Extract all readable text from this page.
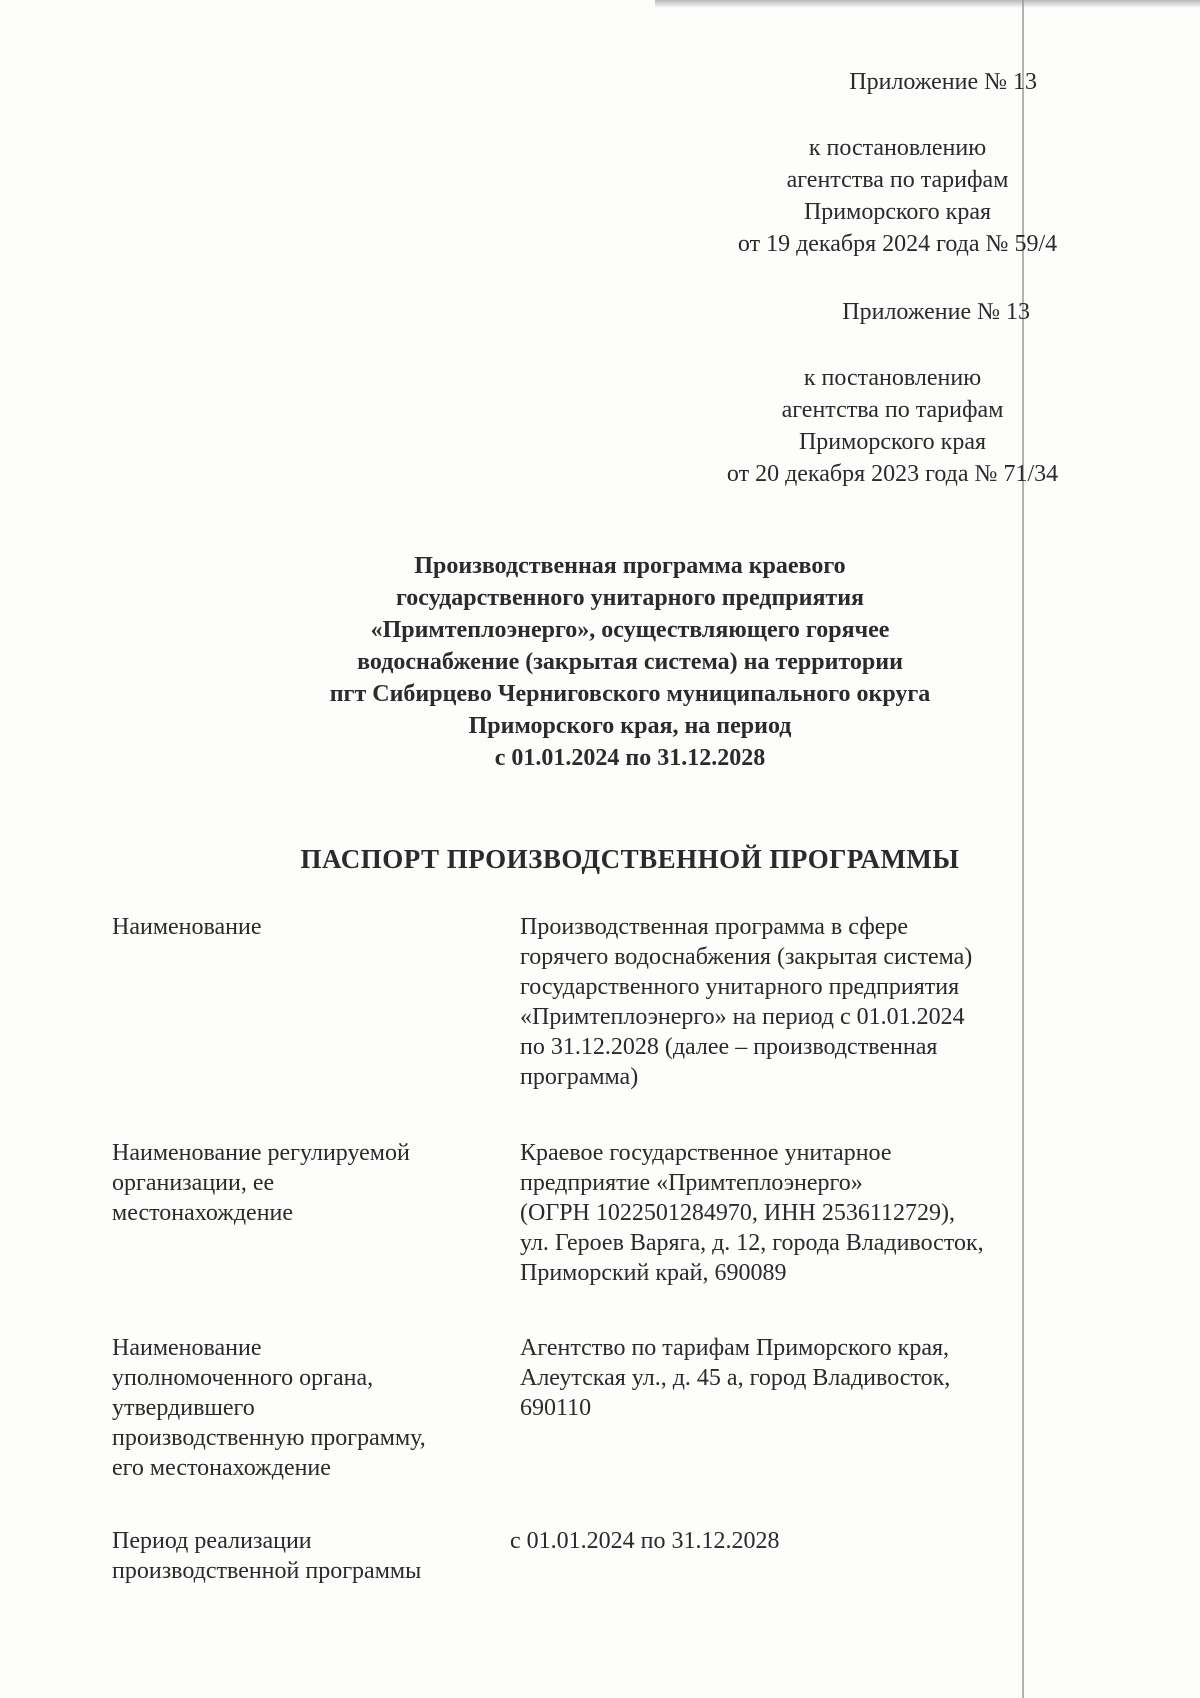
Приложение № 13
к постановлению
агентства по тарифам
Приморского края
от 19 декабря 2024 года № 59/4
Приложение № 13
к постановлению
агентства по тарифам
Приморского края
от 20 декабря 2023 года № 71/34
Производственная программа краевого
государственного унитарного предприятия
«Примтеплоэнерго», осуществляющего горячее
водоснабжение (закрытая система) на территории
пгт Сибирцево Черниговского муниципального округа
Приморского края, на период
с 01.01.2024 по 31.12.2028
ПАСПОРТ ПРОИЗВОДСТВЕННОЙ ПРОГРАММЫ
Наименование	Производственная программа в сфере
горячего водоснабжения (закрытая система)
государственного унитарного предприятия
«Примтеплоэнерго» на период с 01.01.2024
по 31.12.2028 (далее – производственная
программа)
Наименование регулируемой
организации, ее
местонахождение
Краевое государственное унитарное
предприятие «Примтеплоэнерго»
(ОГРН 1022501284970, ИНН 2536112729),
ул. Героев Варяга, д. 12, города Владивосток,
Приморский край, 690089
Наименование
уполномоченного органа,
утвердившего
производственную программу,
его местонахождение
Агентство по тарифам Приморского края,
Алеутская ул., д. 45 а, город Владивосток,
690110
Период реализации
производственной программы
с 01.01.2024 по 31.12.2028
